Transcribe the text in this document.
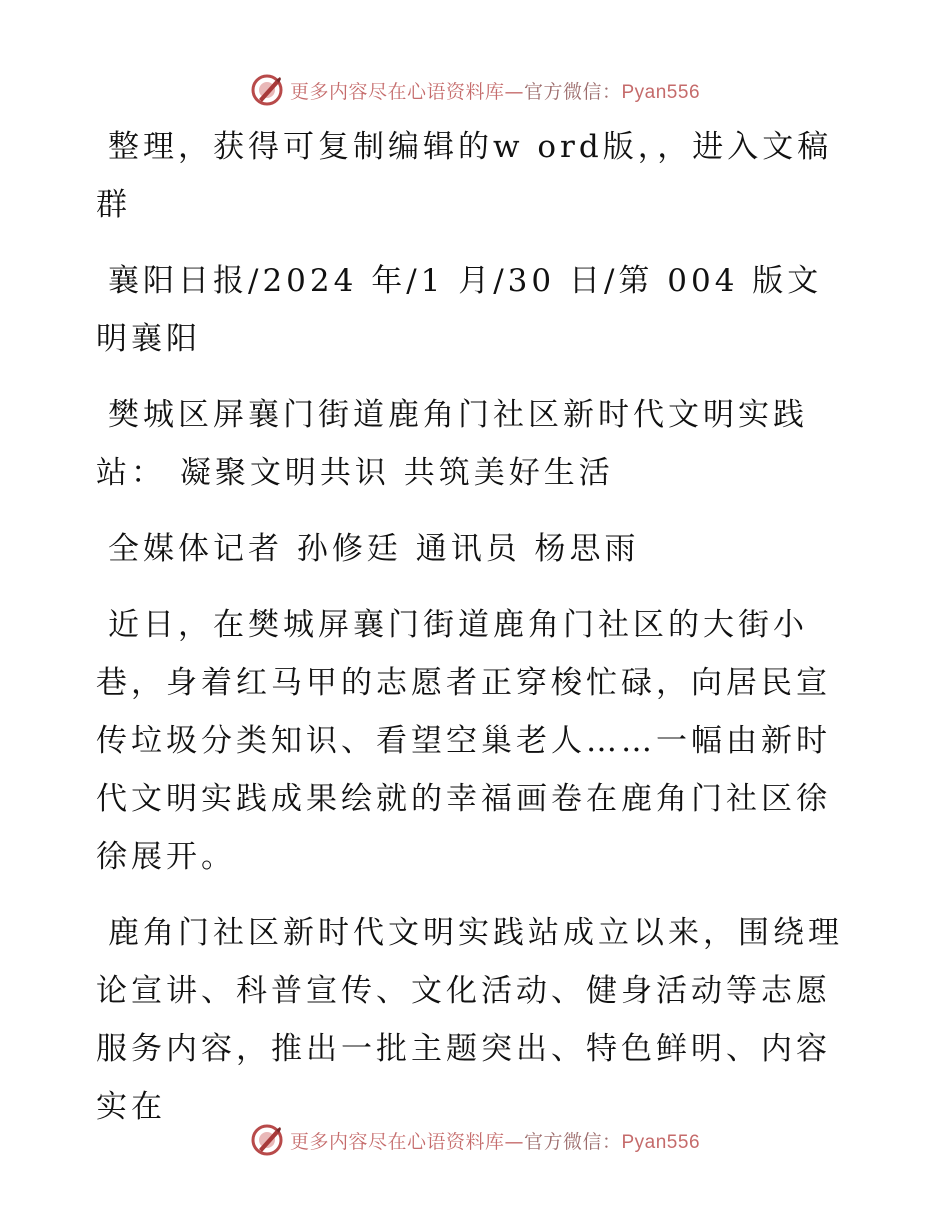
更多内容尽在心语资料库—官方微信：Pyan556

整理，获得可复制编辑的w ord版，，进入文稿群

襄阳日报/2024 年/1 月/30 日/第 004 版文明襄阳

樊城区屏襄门街道鹿角门社区新时代文明实践站： 凝聚文明共识 共筑美好生活

全媒体记者 孙修廷 通讯员 杨思雨

近日，在樊城屏襄门街道鹿角门社区的大街小巷，身着红马甲的志愿者正穿梭忙碌，向居民宣传垃圾分类知识、看望空巢老人……一幅由新时代文明实践成果绘就的幸福画卷在鹿角门社区徐徐展开。

鹿角门社区新时代文明实践站成立以来，围绕理论宣讲、科普宣传、文化活动、健身活动等志愿服务内容，推出一批主题突出、特色鲜明、内容实在

更多内容尽在心语资料库—官方微信：Pyan556
